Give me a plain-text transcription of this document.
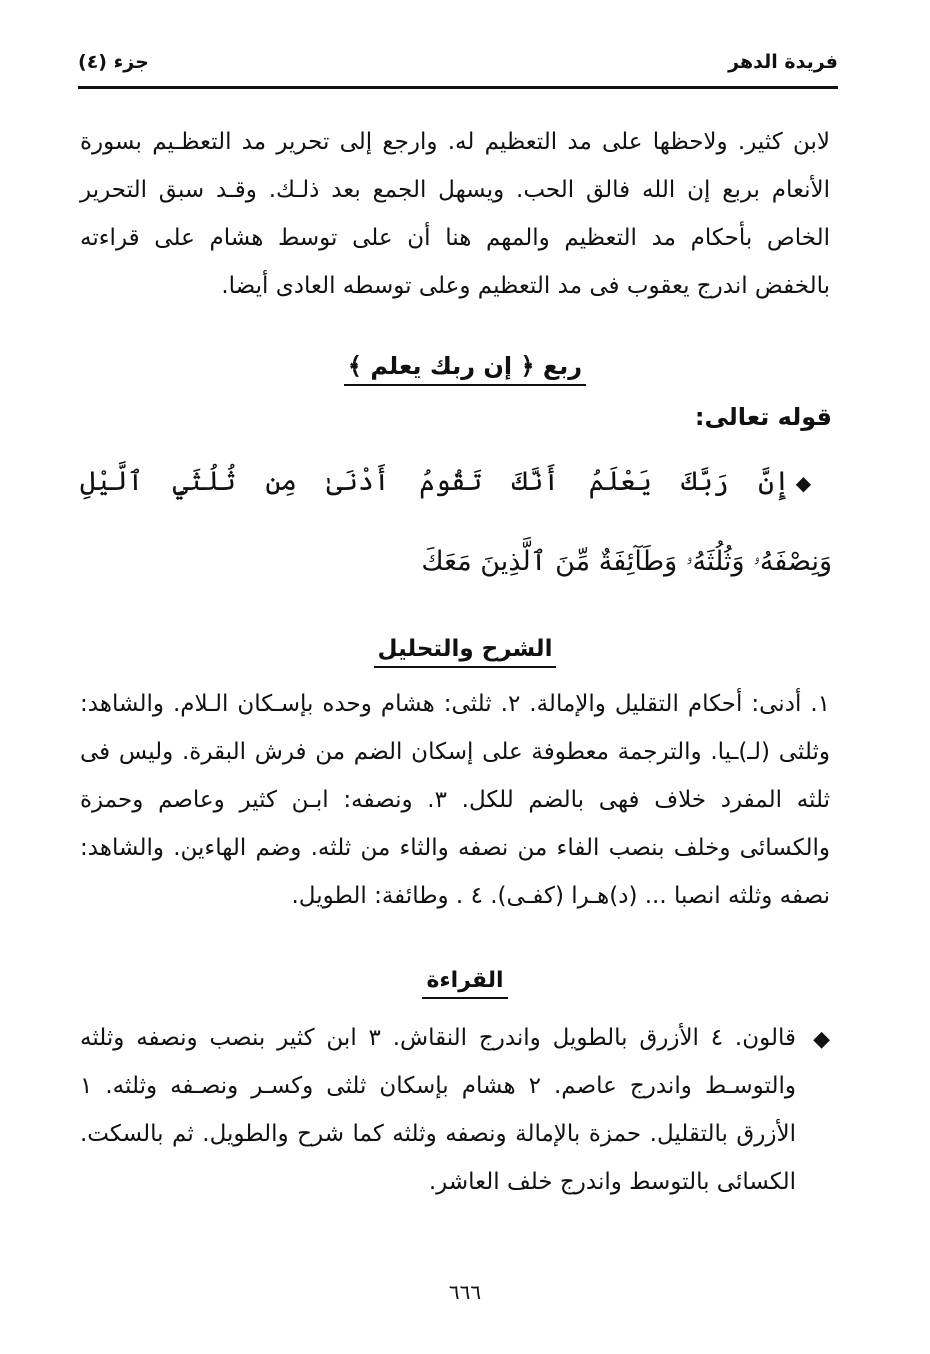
فريدة الدهر
جزء (٤)
لابن كثير. ولاحظها على مد التعظيم له. وارجع إلى تحرير مد التعظـيم بسورة الأنعام بربع إن الله فالق الحب. ويسهل الجمع بعد ذلـك. وقـد سبق التحرير الخاص بأحكام مد التعظيم والمهم هنا أن على توسط هشام على قراءته بالخفض اندرج يعقوب فى مد التعظيم وعلى توسطه العادى أيضا.
ربع ﴿ إن ربك يعلم ﴾
قوله تعالى:
◆إِنَّ رَبَّكَ يَعْلَمُ أَنَّكَ تَقُومُ أَدْنَىٰ مِن ثُلُثَيِ ٱلَّيْلِ
وَنِصْفَهُۥ وَثُلُثَهُۥ وَطَآئِفَةٌ مِّنَ ٱلَّذِينَ مَعَكَ
الشرح والتحليل
١. أدنى: أحكام التقليل والإمالة. ٢. ثلثى: هشام وحده بإسـكان الـلام. والشاهد: وثلثى (لـ)ـيا. والترجمة معطوفة على إسكان الضم من فرش البقرة. وليس فى ثلثه المفرد خلاف فهى بالضم للكل. ٣. ونصفه: ابـن كثير وعاصم وحمزة والكسائى وخلف بنصب الفاء من نصفه والثاء من ثلثه. وضم الهاءين. والشاهد: نصفه وثلثه انصبا ... (د)هـرا (كفـى). ٤ . وطائفة: الطويل.
القراءة
◆
قالون. ٤ الأزرق بالطويل واندرج النقاش. ٣ ابن كثير بنصب ونصفه وثلثه والتوسـط واندرج عاصم. ٢ هشام بإسكان ثلثى وكسـر ونصـفه وثلثه. ١ الأزرق بالتقليل. حمزة بالإمالة ونصفه وثلثه كما شرح والطويل. ثم بالسكت. الكسائى بالتوسط واندرج خلف العاشر.
٦٦٦
